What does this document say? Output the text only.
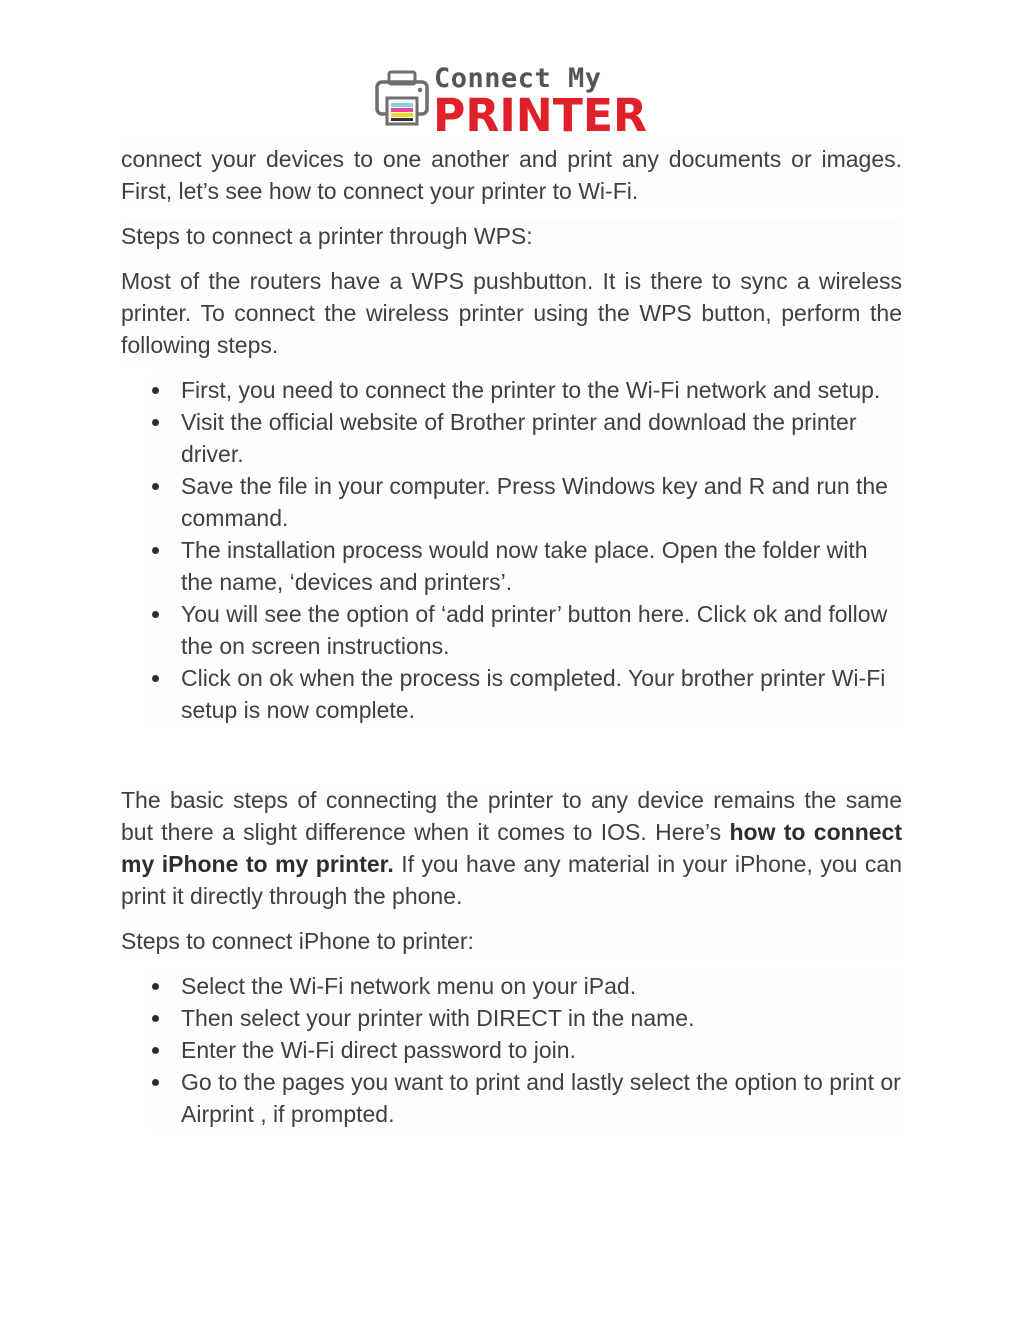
Connect My
PRINTER

connect your devices to one another and print any documents or images. First, let’s see how to connect your printer to Wi-Fi.

Steps to connect a printer through WPS:

Most of the routers have a WPS pushbutton. It is there to sync a wireless printer. To connect the wireless printer using the WPS button, perform the following steps.

First, you need to connect the printer to the Wi-Fi network and setup.
Visit the official website of Brother printer and download the printer driver.
Save the file in your computer. Press Windows key and R and run the command.
The installation process would now take place. Open the folder with the name, ‘devices and printers’.
You will see the option of ‘add printer’ button here. Click ok and follow the on screen instructions.
Click on ok when the process is completed. Your brother printer Wi-Fi setup is now complete.

The basic steps of connecting the printer to any device remains the same but there a slight difference when it comes to IOS. Here’s how to connect my iPhone to my printer. If you have any material in your iPhone, you can print it directly through the phone.

Steps to connect iPhone to printer:

Select the Wi-Fi network menu on your iPad.
Then select your printer with DIRECT in the name.
Enter the Wi-Fi direct password to join.
Go to the pages you want to print and lastly select the option to print or Airprint , if prompted.
